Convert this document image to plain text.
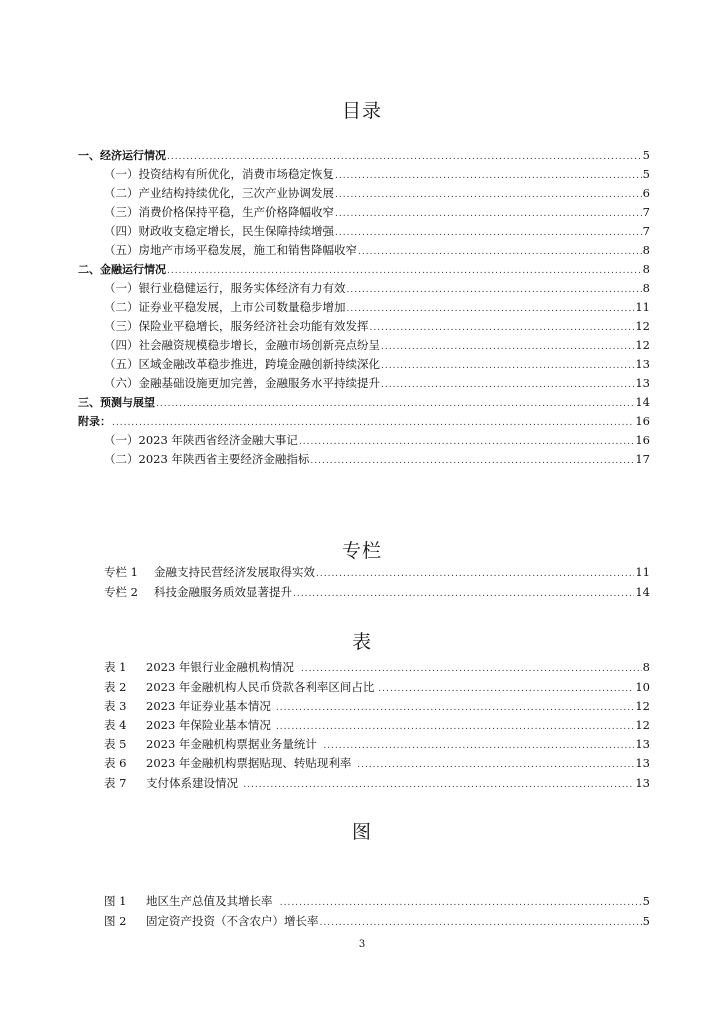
目录
一、经济运行情况 .....	5
（一）投资结构有所优化，消费市场稳定恢复 .....	5
（二）产业结构持续优化，三次产业协调发展 .....	6
（三）消费价格保持平稳，生产价格降幅收窄 .....	7
（四）财政收支稳定增长，民生保障持续增强 .....	7
（五）房地产市场平稳发展，施工和销售降幅收窄 .....	8
二、金融运行情况 .....	8
（一）银行业稳健运行，服务实体经济有力有效 .....	8
（二）证券业平稳发展，上市公司数量稳步增加 .....	11
（三）保险业平稳增长，服务经济社会功能有效发挥 .....	12
（四）社会融资规模稳步增长，金融市场创新亮点纷呈 .....	12
（五）区域金融改革稳步推进，跨境金融创新持续深化 .....	13
（六）金融基础设施更加完善，金融服务水平持续提升 .....	13
三、预测与展望 .....	14
附录： .....	16
（一）2023 年陕西省经济金融大事记 .....	16
（二）2023 年陕西省主要经济金融指标 .....	17
专栏
专栏 1	金融支持民营经济发展取得实效 .....	11
专栏 2	科技金融服务质效显著提升 .....	14
表
表 1	2023 年银行业金融机构情况 .....	8
表 2	2023 年金融机构人民币贷款各利率区间占比 .....	10
表 3	2023 年证券业基本情况 .....	12
表 4	2023 年保险业基本情况 .....	12
表 5	2023 年金融机构票据业务量统计 .....	13
表 6	2023 年金融机构票据贴现、转贴现利率 .....	13
表 7	支付体系建设情况 .....	13
图
图 1	地区生产总值及其增长率 .....	5
图 2	固定资产投资（不含农户）增长率 .....	5
3
